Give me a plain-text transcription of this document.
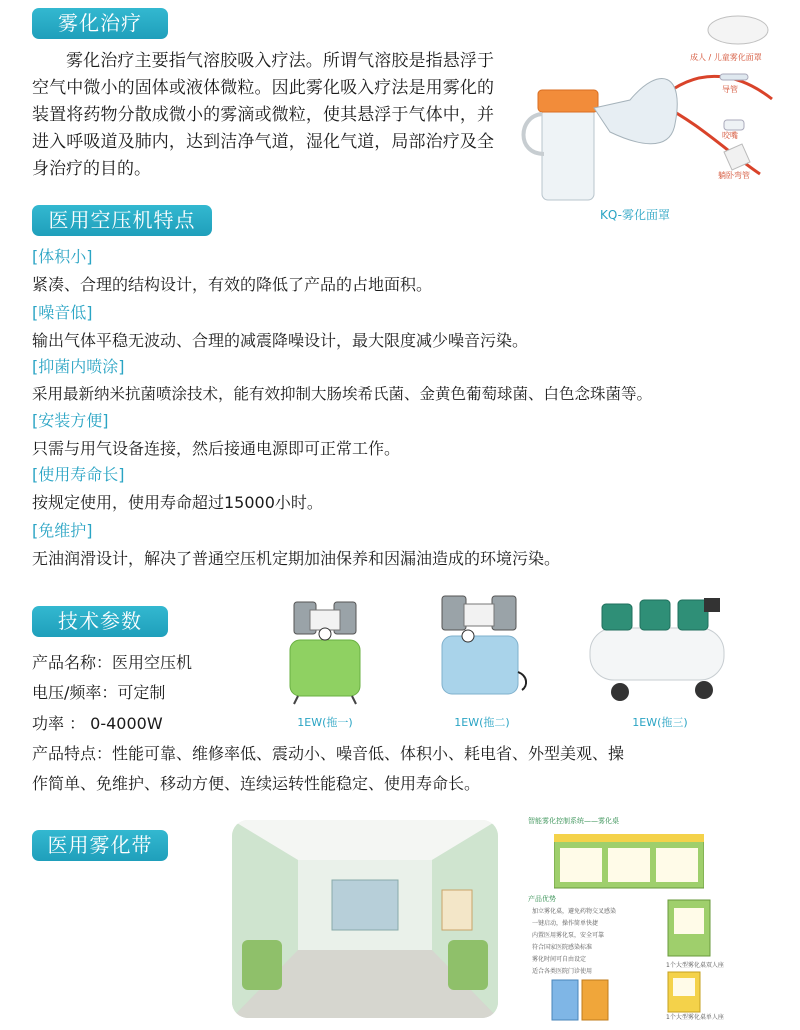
雾化治疗
雾化治疗主要指气溶胶吸入疗法。所谓气溶胶是指悬浮于空气中微小的固体或液体微粒。因此雾化吸入疗法是用雾化的装置将药物分散成微小的雾滴或微粒，使其悬浮于气体中，并进入呼吸道及肺内，达到洁净气道，湿化气道，局部治疗及全身治疗的目的。
成人 / 儿童雾化面罩
导管
咬嘴
躺卧弯管
KQ-雾化面罩
医用空压机特点
[体积小]
紧凑、合理的结构设计，有效的降低了产品的占地面积。
[噪音低]
输出气体平稳无波动、合理的减震降噪设计，最大限度减少噪音污染。
[抑菌内喷涂]
采用最新纳米抗菌喷涂技术，能有效抑制大肠埃希氏菌、金黄色葡萄球菌、白色念珠菌等。
[安装方便]
只需与用气设备连接，然后接通电源即可正常工作。
[使用寿命长]
按规定使用，使用寿命超过15000小时。
[免维护]
无油润滑设计，解决了普通空压机定期加油保养和因漏油造成的环境污染。
技术参数
产品名称：医用空压机
电压/频率：可定制
功率 ： 0-4000W
产品特点：性能可靠、维修率低、震动小、噪音低、体积小、耗电省、外型美观、操
作简单、免维护、移动方便、连续运转性能稳定、使用寿命长。
1EW(拖一)	1EW(拖二)	1EW(拖三)
医用雾化带
智能雾化控制系统——雾化桌
产品优势
加立雾化桌，避免药物交叉感染
一键启动，操作简单快捷
内置医用雾化泵，安全可靠
符合国家医院感染标准
雾化时间可自由设定
适合各类医院门诊使用
1个大型雾化桌双人座
1个大型雾化桌单人座
